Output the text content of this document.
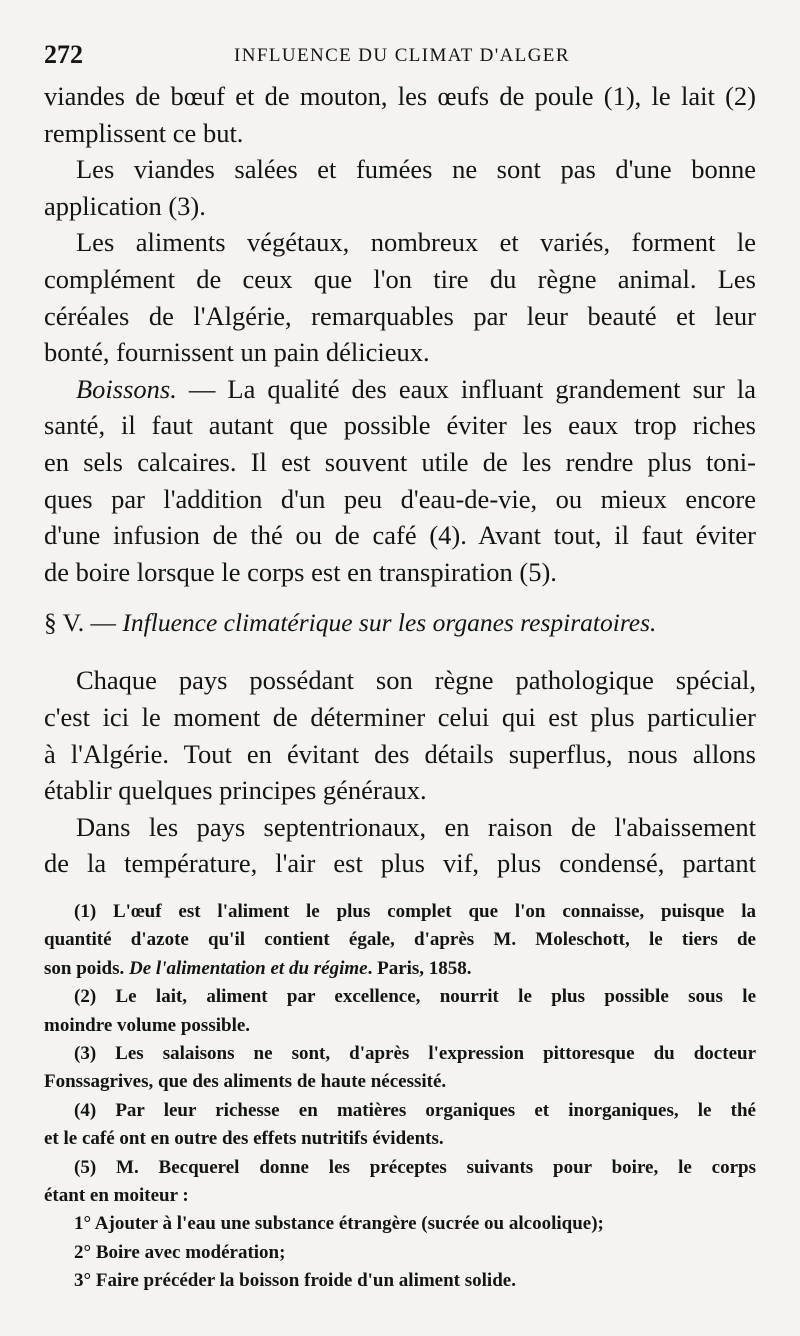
272	INFLUENCE DU CLIMAT D'ALGER
viandes de bœuf et de mouton, les œufs de poule (1), le lait (2)
remplissent ce but.
Les viandes salées et fumées ne sont pas d'une bonne
application (3).
Les aliments végétaux, nombreux et variés, forment le
complément de ceux que l'on tire du règne animal. Les
céréales de l'Algérie, remarquables par leur beauté et leur
bonté, fournissent un pain délicieux.
Boissons. — La qualité des eaux influant grandement sur la
santé, il faut autant que possible éviter les eaux trop riches
en sels calcaires. Il est souvent utile de les rendre plus toni-
ques par l'addition d'un peu d'eau-de-vie, ou mieux encore
d'une infusion de thé ou de café (4). Avant tout, il faut éviter
de boire lorsque le corps est en transpiration (5).
§ V. — Influence climatérique sur les organes respiratoires.
Chaque pays possédant son règne pathologique spécial,
c'est ici le moment de déterminer celui qui est plus particulier
à l'Algérie. Tout en évitant des détails superflus, nous allons
établir quelques principes généraux.
Dans les pays septentrionaux, en raison de l'abaissement
de la température, l'air est plus vif, plus condensé, partant
(1) L'œuf est l'aliment le plus complet que l'on connaisse, puisque la
quantité d'azote qu'il contient égale, d'après M. Moleschott, le tiers de
son poids. De l'alimentation et du régime. Paris, 1858.
(2) Le lait, aliment par excellence, nourrit le plus possible sous le
moindre volume possible.
(3) Les salaisons ne sont, d'après l'expression pittoresque du docteur
Fonssagrives, que des aliments de haute nécessité.
(4) Par leur richesse en matières organiques et inorganiques, le thé
et le café ont en outre des effets nutritifs évidents.
(5) M. Becquerel donne les préceptes suivants pour boire, le corps
étant en moiteur :
1° Ajouter à l'eau une substance étrangère (sucrée ou alcoolique);
2° Boire avec modération;
3° Faire précéder la boisson froide d'un aliment solide.
